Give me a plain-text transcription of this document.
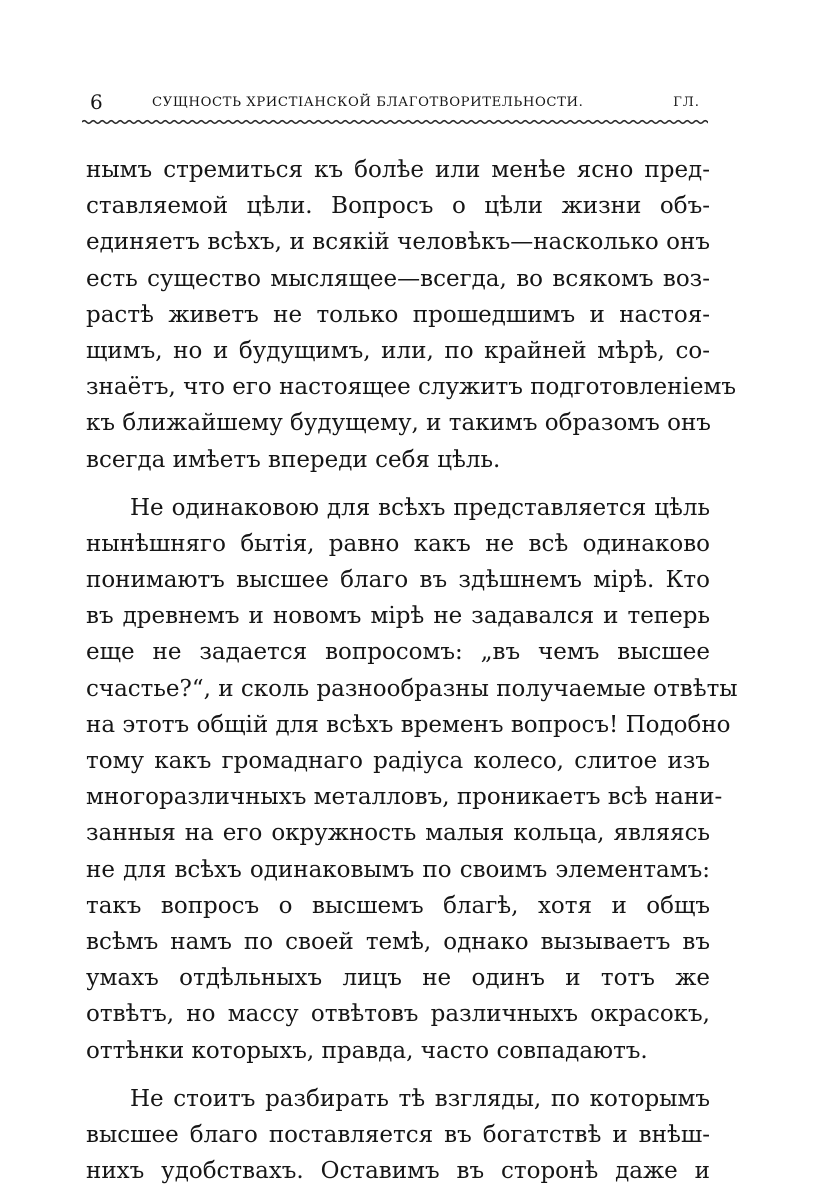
6	СУЩНОСТЬ ХРИСТІАНСКОЙ БЛАГОТВОРИТЕЛЬНОСТИ.	ГЛ.
нымъ стремиться къ болѣе или менѣе ясно пред-
ставляемой цѣли. Вопросъ о цѣли жизни объ-
единяетъ всѣхъ, и всякій человѣкъ—насколько онъ
есть существо мыслящее—всегда, во всякомъ воз-
растѣ живетъ не только прошедшимъ и настоя-
щимъ, но и будущимъ, или, по крайней мѣрѣ, со-
знаётъ, что его настоящее служитъ подготовленіемъ
къ ближайшему будущему, и такимъ образомъ онъ
всегда имѣетъ впереди себя цѣль.
Не одинаковою для всѣхъ представляется цѣль
нынѣшняго бытія, равно какъ не всѣ одинаково
понимаютъ высшее благо въ здѣшнемъ мірѣ. Кто
въ древнемъ и новомъ мірѣ не задавался и теперь
еще не задается вопросомъ: „въ чемъ высшее
счастье?“, и сколь разнообразны получаемые отвѣты
на этотъ общій для всѣхъ временъ вопросъ! Подобно
тому какъ громаднаго радіуса колесо, слитое изъ
многоразличныхъ металловъ, проникаетъ всѣ нани-
занныя на его окружность малыя кольца, являясь
не для всѣхъ одинаковымъ по своимъ элементамъ:
такъ вопросъ о высшемъ благѣ, хотя и общъ
всѣмъ намъ по своей темѣ, однако вызываетъ въ
умахъ отдѣльныхъ лицъ не одинъ и тотъ же
отвѣтъ, но массу отвѣтовъ различныхъ окрасокъ,
оттѣнки которыхъ, правда, часто совпадаютъ.
Не стоитъ разбирать тѣ взгляды, по которымъ
высшее благо поставляется въ богатствѣ и внѣш-
нихъ удобствахъ. Оставимъ въ сторонѣ даже и
